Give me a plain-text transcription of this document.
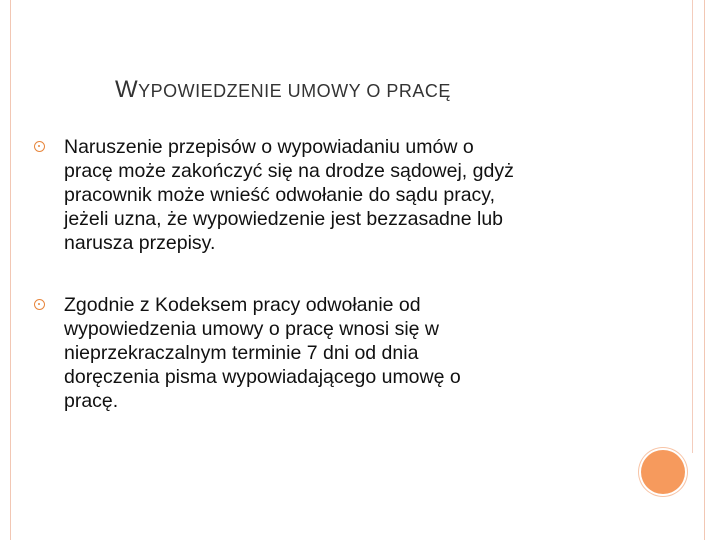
WYPOWIEDZENIE UMOWY O PRACĘ

Naruszenie przepisów o wypowiadaniu umów o
pracę może zakończyć się na drodze sądowej, gdyż
pracownik może wnieść odwołanie do sądu pracy,
jeżeli uzna, że wypowiedzenie jest bezzasadne lub
narusza przepisy.

Zgodnie z Kodeksem pracy odwołanie od
wypowiedzenia umowy o pracę wnosi się w
nieprzekraczalnym terminie 7 dni od dnia
doręczenia pisma wypowiadającego umowę o
pracę.
